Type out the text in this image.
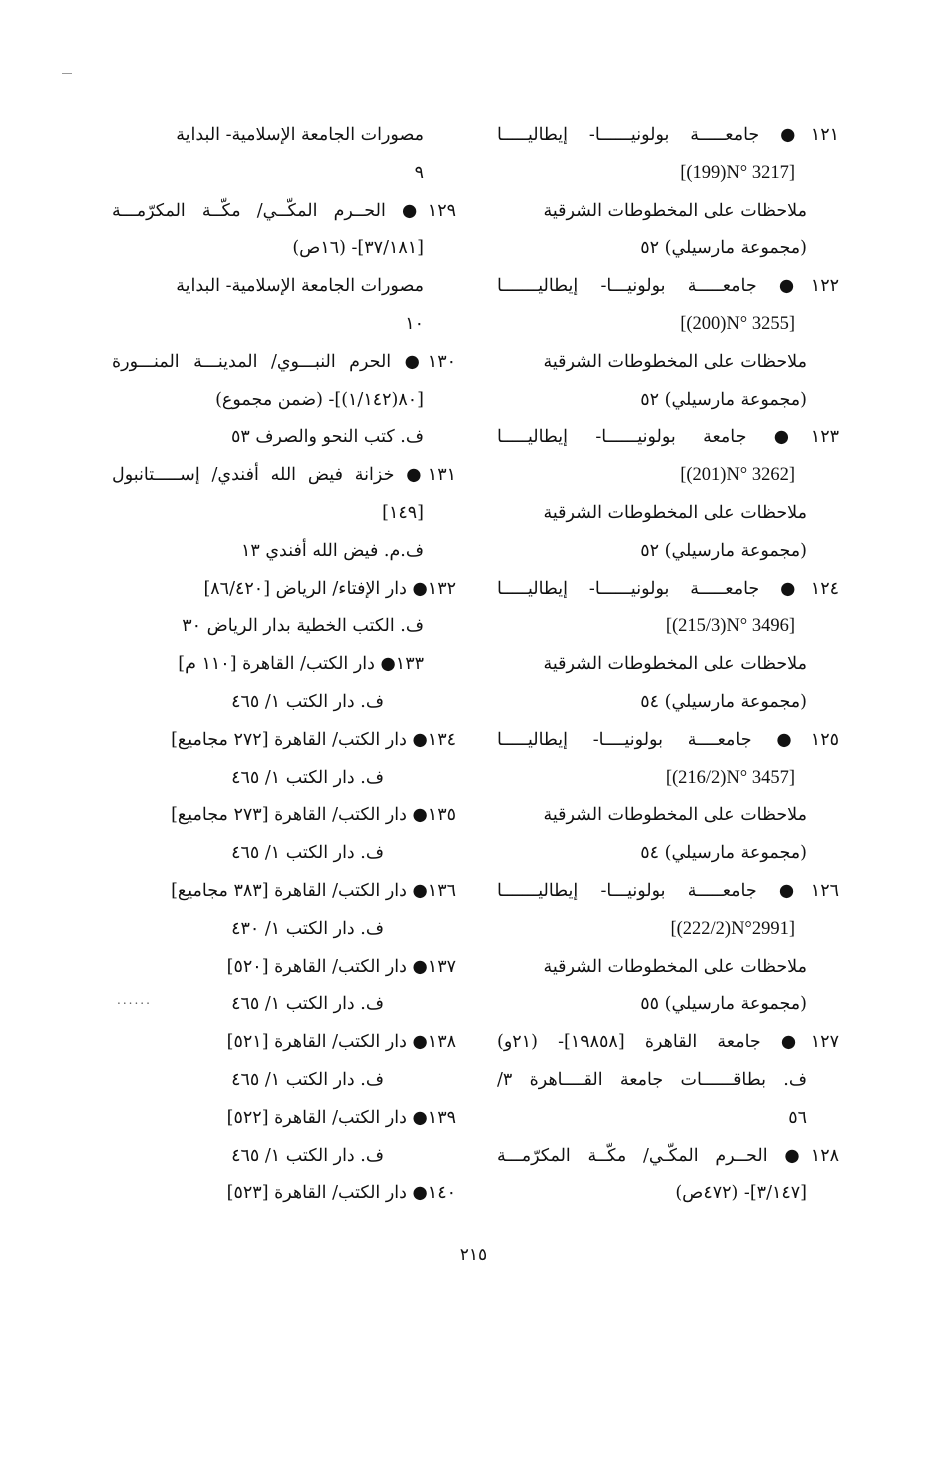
١٢١● جامعـــــة بولونيــــــا- إيطاليـــــا
[(199)N° 3217]
ملاحظات على المخطوطات الشرقية
(مجموعة مارسيلي) ٥٢
١٢٢● جامعـــــة بولونيـــا- إيطاليـــــــا
[(200)N° 3255]
ملاحظات على المخطوطات الشرقية
(مجموعة مارسيلي) ٥٢
١٢٣● جامعة بولونيــــــا- إيطاليـــــا
[(201)N° 3262]
ملاحظات على المخطوطات الشرقية
(مجموعة مارسيلي) ٥٢
١٢٤● جامعـــــة بولونيــــــا- إيطاليـــــا
[(215/3)N° 3496]
ملاحظات على المخطوطات الشرقية
(مجموعة مارسيلي) ٥٤
١٢٥● جامعــــة بولونيــــا- إيطاليـــــا
[(216/2)N° 3457]
ملاحظات على المخطوطات الشرقية
(مجموعة مارسيلي) ٥٤
١٢٦● جامعـــــة بولونيـــا- إيطاليـــــــا
[(222/2)N°2991]
ملاحظات على المخطوطات الشرقية
(مجموعة مارسيلي) ٥٥
١٢٧● جامعة القاهرة [١٩٨٥٨]- (٢١و)
ف. بطاقــــــات جامعة القــــاهرة ٣/
٥٦
١٢٨● الحــرم المكّـي/ مكّــة المكرّمـــة
[٣/١٤٧]- (٤٧٢ص)
مصورات الجامعة الإسلامية- البداية
٩
١٢٩● الحــرم المكّــي/ مكّــة المكرّمـــة
[٣٧/١٨١]- (١٦ص)
مصورات الجامعة الإسلامية- البداية
١٠
١٣٠● الحرم النبـــوي/ المدينـــة المنـــورة
[٨٠(١/١٤٢)]- (ضمن مجموع)
ف. كتب النحو والصرف ٥٣
١٣١● خزانة فيض الله أفندي/ إســـــتانبول
[١٤٩]
ف.م. فيض الله أفندي ١٣
١٣٢● دار الإفتاء/ الرياض [٨٦/٤٢٠]
ف. الكتب الخطية بدار الرياض ٣٠
١٣٣● دار الكتب/ القاهرة [١١٠ م]
ف. دار الكتب ١/ ٤٦٥
١٣٤● دار الكتب/ القاهرة [٢٧٢ مجاميع]
ف. دار الكتب ١/ ٤٦٥
١٣٥● دار الكتب/ القاهرة [٢٧٣ مجاميع]
ف. دار الكتب ١/ ٤٦٥
١٣٦● دار الكتب/ القاهرة [٣٨٣ مجاميع]
ف. دار الكتب ١/ ٤٣٠
١٣٧● دار الكتب/ القاهرة [٥٢٠]
ف. دار الكتب ١/ ٤٦٥
١٣٨● دار الكتب/ القاهرة [٥٢١]
ف. دار الكتب ١/ ٤٦٥
١٣٩● دار الكتب/ القاهرة [٥٢٢]
ف. دار الكتب ١/ ٤٦٥
١٤٠● دار الكتب/ القاهرة [٥٢٣]
......
٢١٥
